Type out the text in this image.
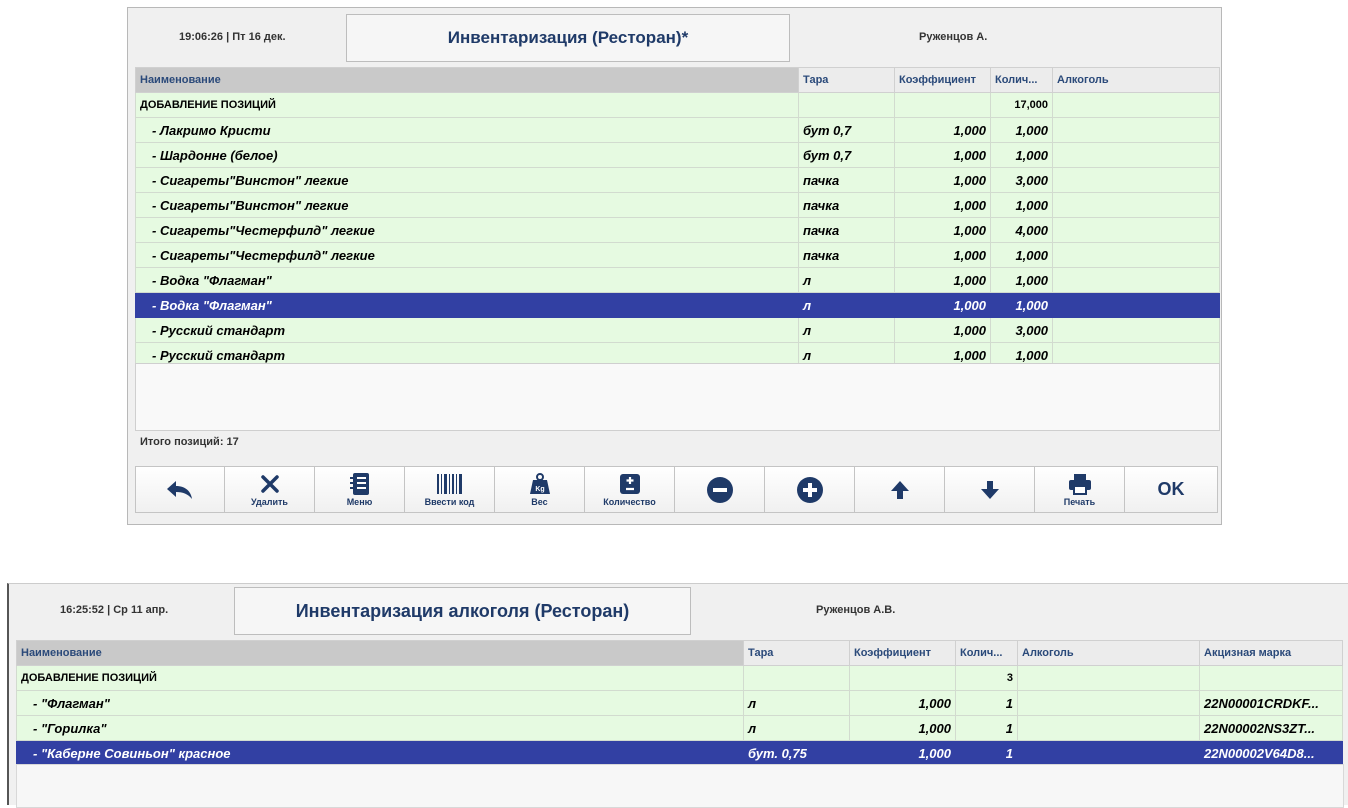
19:06:26 | Пт 16 дек.	Инвентаризация (Ресторан)*	Руженцов А.
Наименование	Тара	Коэффициент	Колич...	Алкоголь
ДОБАВЛЕНИЕ ПОЗИЦИЙ			17,000	
- Лакримо Кристи	бут 0,7	1,000	1,000	
- Шардонне (белое)	бут 0,7	1,000	1,000	
- Сигареты"Винстон" легкие	пачка	1,000	3,000	
- Сигареты"Винстон" легкие	пачка	1,000	1,000	
- Сигареты"Честерфилд" легкие	пачка	1,000	4,000	
- Сигареты"Честерфилд" легкие	пачка	1,000	1,000	
- Водка "Флагман"	л	1,000	1,000	
- Водка "Флагман"	л	1,000	1,000	
- Русский стандарт	л	1,000	3,000	
- Русский стандарт	л	1,000	1,000	
Итого позиций: 17
Удалить	Меню	Ввести код
Kg
Вес	Количество	Печать
OK
16:25:52 | Ср 11 апр.	Инвентаризация алкоголя (Ресторан)	Руженцов А.В.
Наименование	Тара	Коэффициент	Колич...	Алкоголь	Акцизная марка
ДОБАВЛЕНИЕ ПОЗИЦИЙ			3		
- "Флагман"	л	1,000	1		22N00001CRDKF...
- "Горилка"	л	1,000	1		22N00002NS3ZT...
- "Каберне Совиньон" красное	бут. 0,75	1,000	1		22N00002V64D8...
